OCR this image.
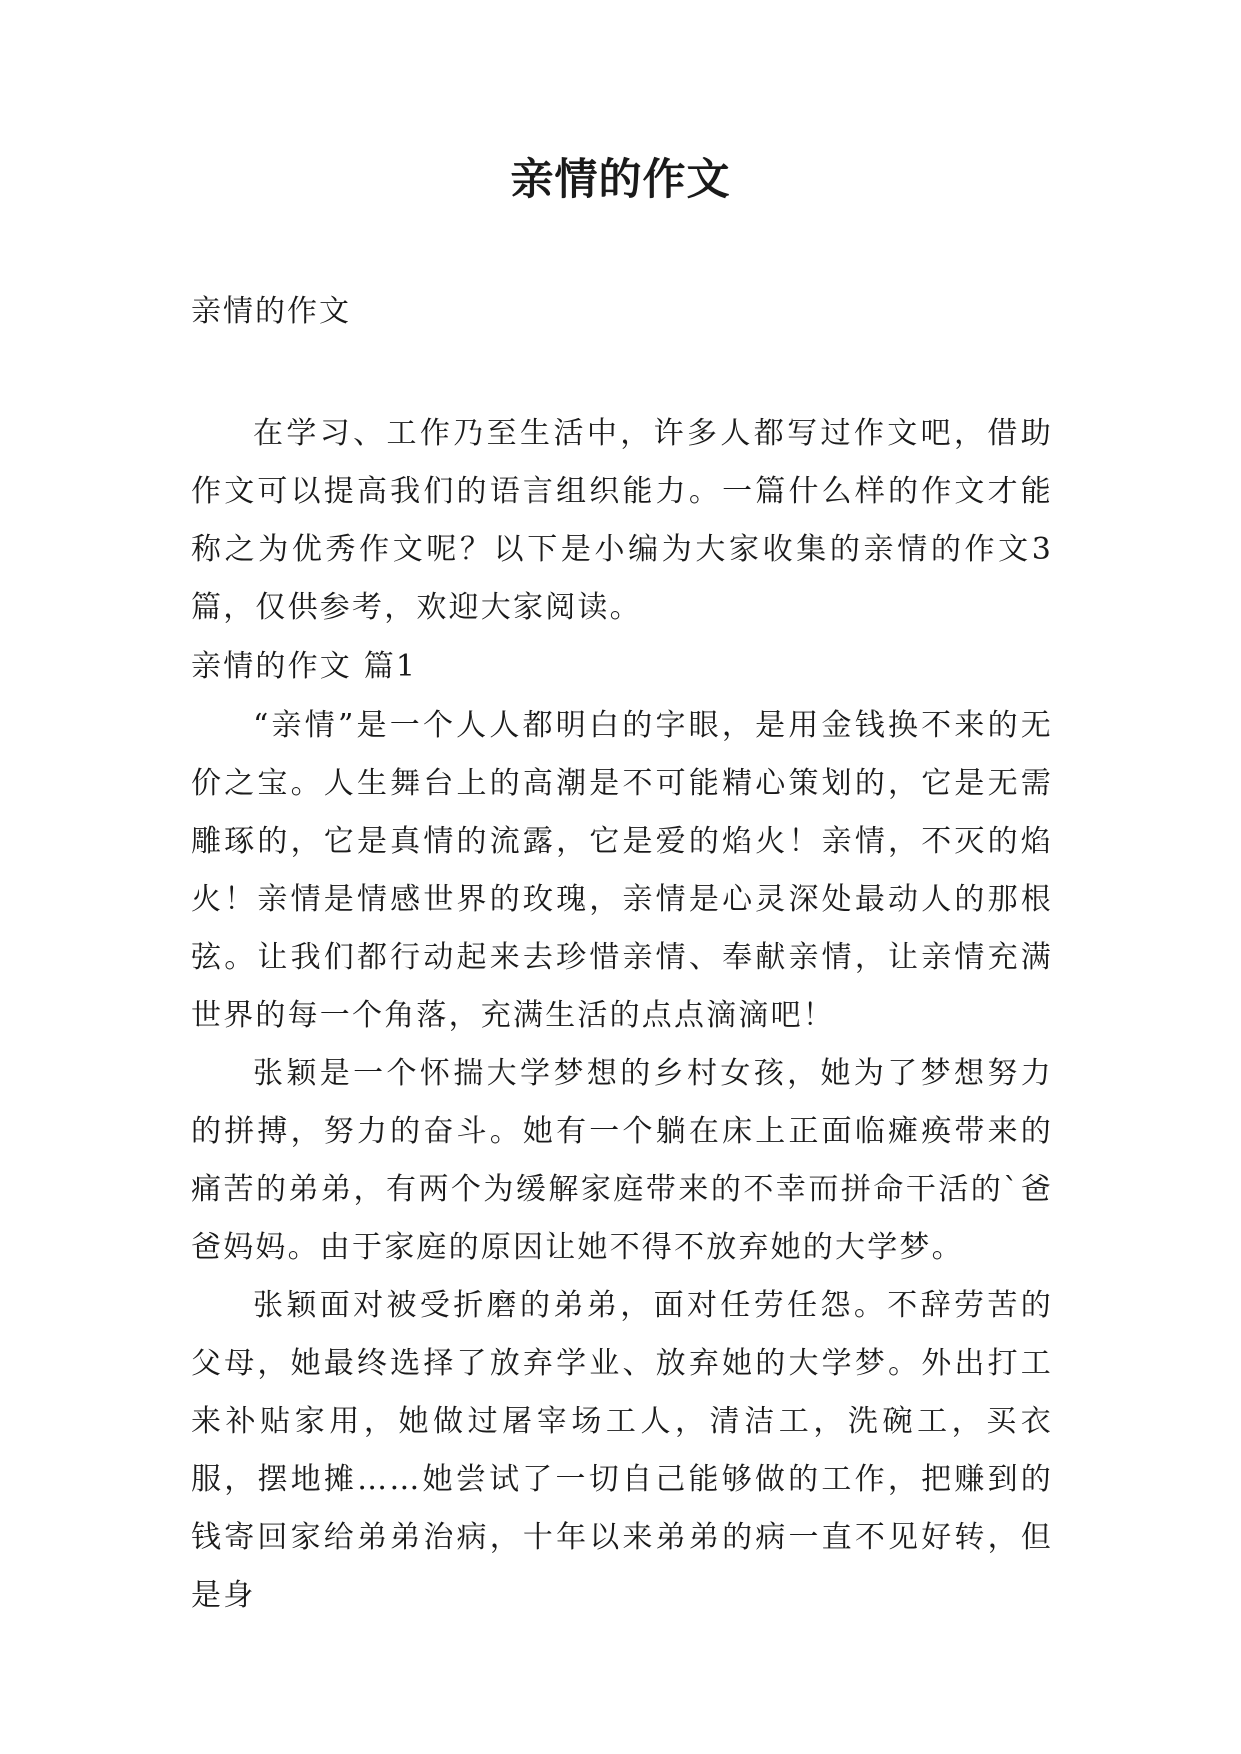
亲情的作文
亲情的作文

在学习、工作乃至生活中，许多人都写过作文吧，借助作文可以提高我们的语言组织能力。一篇什么样的作文才能称之为优秀作文呢？以下是小编为大家收集的亲情的作文3篇，仅供参考，欢迎大家阅读。

亲情的作文 篇1

“亲情”是一个人人都明白的字眼，是用金钱换不来的无价之宝。人生舞台上的高潮是不可能精心策划的，它是无需雕琢的，它是真情的流露，它是爱的焰火！亲情，不灭的焰火！亲情是情感世界的玫瑰，亲情是心灵深处最动人的那根弦。让我们都行动起来去珍惜亲情、奉献亲情，让亲情充满世界的每一个角落，充满生活的点点滴滴吧！

张颖是一个怀揣大学梦想的乡村女孩，她为了梦想努力的拼搏，努力的奋斗。她有一个躺在床上正面临瘫痪带来的痛苦的弟弟，有两个为缓解家庭带来的不幸而拼命干活的`爸爸妈妈。由于家庭的原因让她不得不放弃她的大学梦。

张颖面对被受折磨的弟弟，面对任劳任怨。不辞劳苦的父母，她最终选择了放弃学业、放弃她的大学梦。外出打工来补贴家用，她做过屠宰场工人，清洁工，洗碗工，买衣服，摆地摊……她尝试了一切自己能够做的工作，把赚到的钱寄回家给弟弟治病，十年以来弟弟的病一直不见好转，但是身
